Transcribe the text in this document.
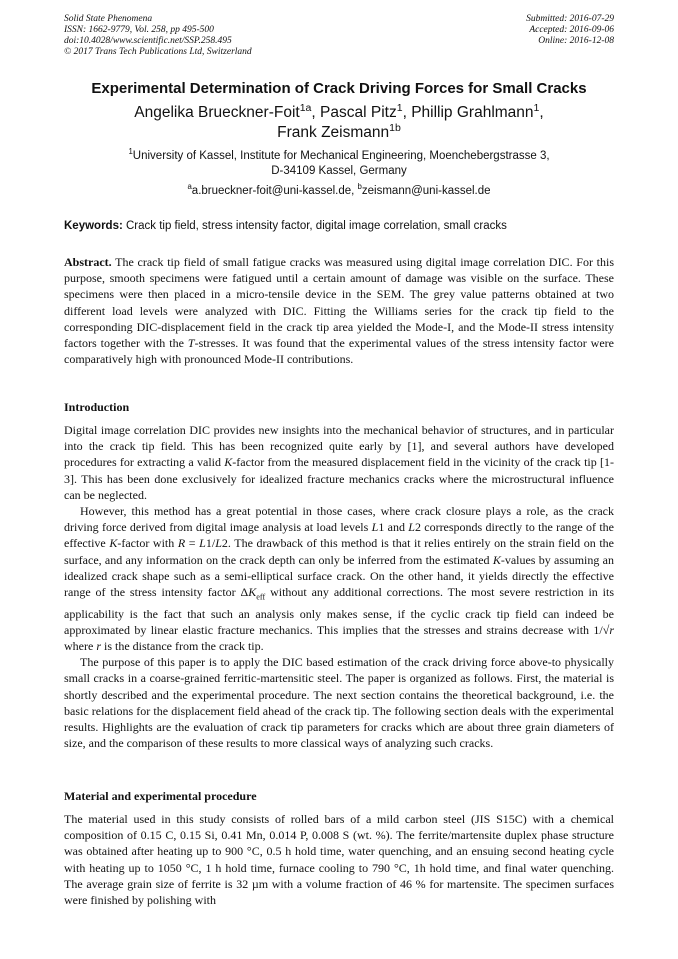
Solid State Phenomena
ISSN: 1662-9779, Vol. 258, pp 495-500
doi:10.4028/www.scientific.net/SSP.258.495
© 2017 Trans Tech Publications Ltd, Switzerland
Submitted: 2016-07-29
Accepted: 2016-09-06
Online: 2016-12-08
Experimental Determination of Crack Driving Forces for Small Cracks
Angelika Brueckner-Foit$^{1a}$, Pascal Pitz$^1$, Phillip Grahlmann$^1$,
Frank Zeismann$^{1b}$
$^1$University of Kassel, Institute for Mechanical Engineering, Moenchebergstrasse 3,
D-34109 Kassel, Germany
$^a$a.brueckner-foit@uni-kassel.de, $^b$zeismann@uni-kassel.de
Keywords: Crack tip field, stress intensity factor, digital image correlation, small cracks

Abstract. The crack tip field of small fatigue cracks was measured using digital image correlation DIC. For this purpose, smooth specimens were fatigued until a certain amount of damage was visible on the surface. These specimens were then placed in a micro-tensile device in the SEM. The grey value patterns obtained at two different load levels were analyzed with DIC. Fitting the Williams series for the crack tip field to the corresponding DIC-displacement field in the crack tip area yielded the Mode-I, and the Mode-II stress intensity factors together with the T-stresses. It was found that the experimental values of the stress intensity factor were comparatively high with pronounced Mode-II contributions.

Introduction

Digital image correlation DIC provides new insights into the mechanical behavior of structures, and in particular into the crack tip field. This has been recognized quite early by [1], and several authors have developed procedures for extracting a valid K-factor from the measured displacement field in the vicinity of the crack tip [1-3]. This has been done exclusively for idealized fracture mechanics cracks where the microstructural influence can be neglected.

However, this method has a great potential in those cases, where crack closure plays a role, as the crack driving force derived from digital image analysis at load levels L1 and L2 corresponds directly to the range of the effective K-factor with R = L1/L2. The drawback of this method is that it relies entirely on the strain field on the surface, and any information on the crack depth can only be inferred from the estimated K-values by assuming an idealized crack shape such as a semi-elliptical surface crack. On the other hand, it yields directly the effective range of the stress intensity factor $\Delta K_{eff}$ without any additional corrections. The most severe restriction in its applicability is the fact that such an analysis only makes sense, if the cyclic crack tip field can indeed be approximated by linear elastic fracture mechanics. This implies that the stresses and strains decrease with 1/√r where r is the distance from the crack tip.

The purpose of this paper is to apply the DIC based estimation of the crack driving force above-to physically small cracks in a coarse-grained ferritic-martensitic steel. The paper is organized as follows. First, the material is shortly described and the experimental procedure. The next section contains the theoretical background, i.e. the basic relations for the displacement field ahead of the crack tip. The following section deals with the experimental results. Highlights are the evaluation of crack tip parameters for cracks which are about three grain diameters of size, and the comparison of these results to more classical ways of analyzing such cracks.

Material and experimental procedure

The material used in this study consists of rolled bars of a mild carbon steel (JIS S15C) with a chemical composition of 0.15 C, 0.15 Si, 0.41 Mn, 0.014 P, 0.008 S (wt. %). The ferrite/martensite duplex phase structure was obtained after heating up to 900 °C, 0.5 h hold time, water quenching, and an ensuing second heating cycle with heating up to 1050 °C, 1 h hold time, furnace cooling to 790 °C, 1h hold time, and final water quenching. The average grain size of ferrite is 32 µm with a volume fraction of 46 % for martensite. The specimen surfaces were finished by polishing with
